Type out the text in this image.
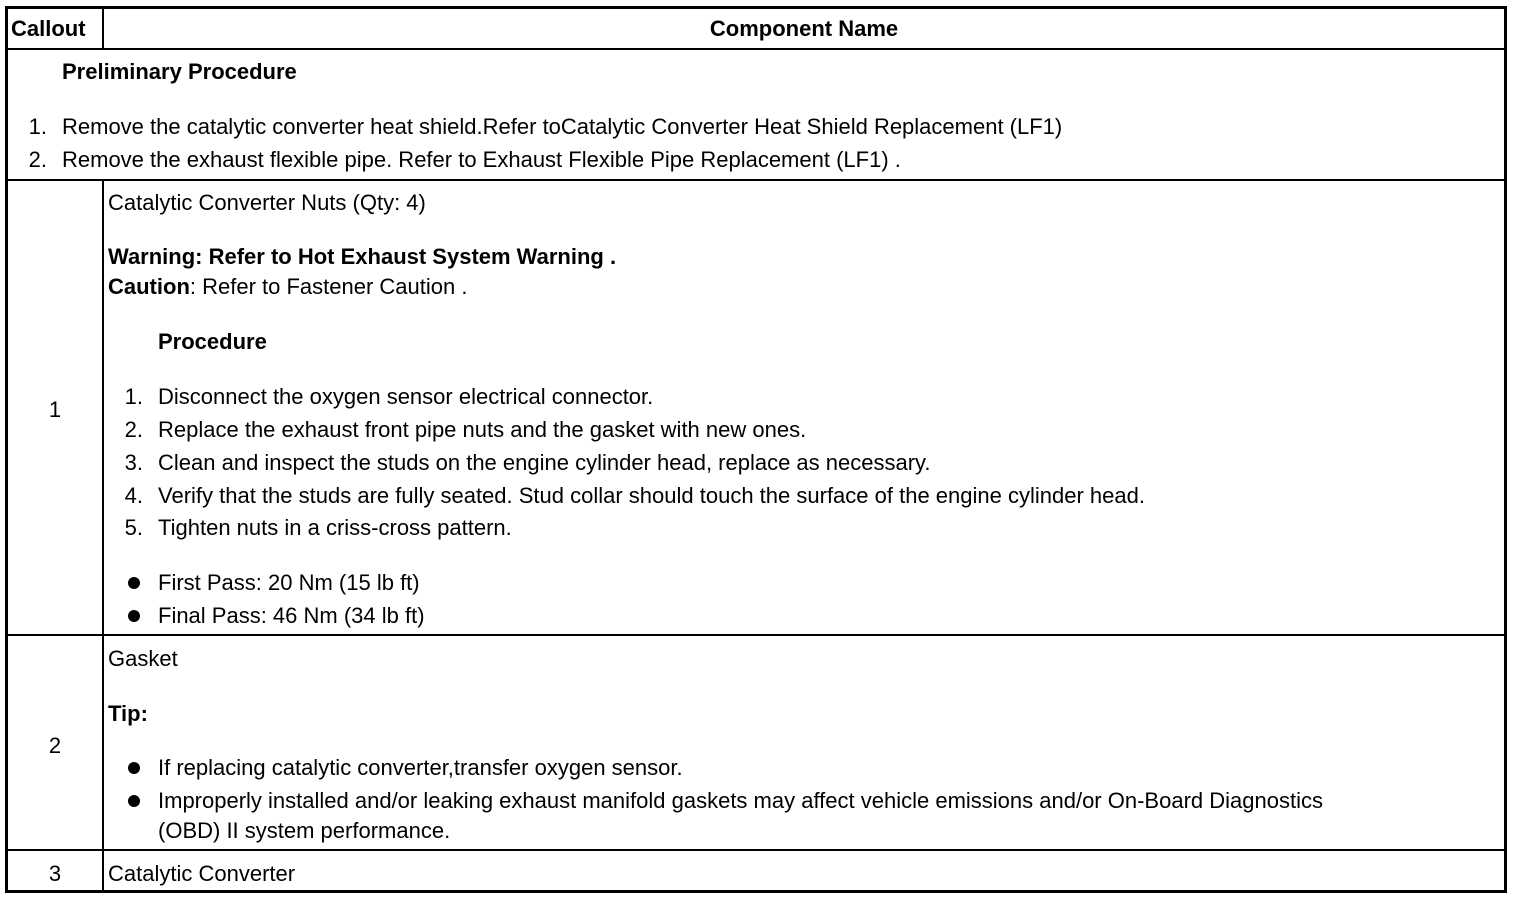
Callout	Component Name
Preliminary Procedure
1. Remove the catalytic converter heat shield.Refer toCatalytic Converter Heat Shield Replacement (LF1)
2. Remove the exhaust flexible pipe. Refer to Exhaust Flexible Pipe Replacement (LF1) .
1
Catalytic Converter Nuts (Qty: 4)
Warning: Refer to Hot Exhaust System Warning .
Caution: Refer to Fastener Caution .
Procedure
1. Disconnect the oxygen sensor electrical connector.
2. Replace the exhaust front pipe nuts and the gasket with new ones.
3. Clean and inspect the studs on the engine cylinder head, replace as necessary.
4. Verify that the studs are fully seated. Stud collar should touch the surface of the engine cylinder head.
5. Tighten nuts in a criss-cross pattern.
First Pass: 20 Nm (15 lb ft)
Final Pass: 46 Nm (34 lb ft)
2
Gasket
Tip:
If replacing catalytic converter,transfer oxygen sensor.
Improperly installed and/or leaking exhaust manifold gaskets may affect vehicle emissions and/or On-Board Diagnostics
(OBD) II system performance.
3	Catalytic Converter
